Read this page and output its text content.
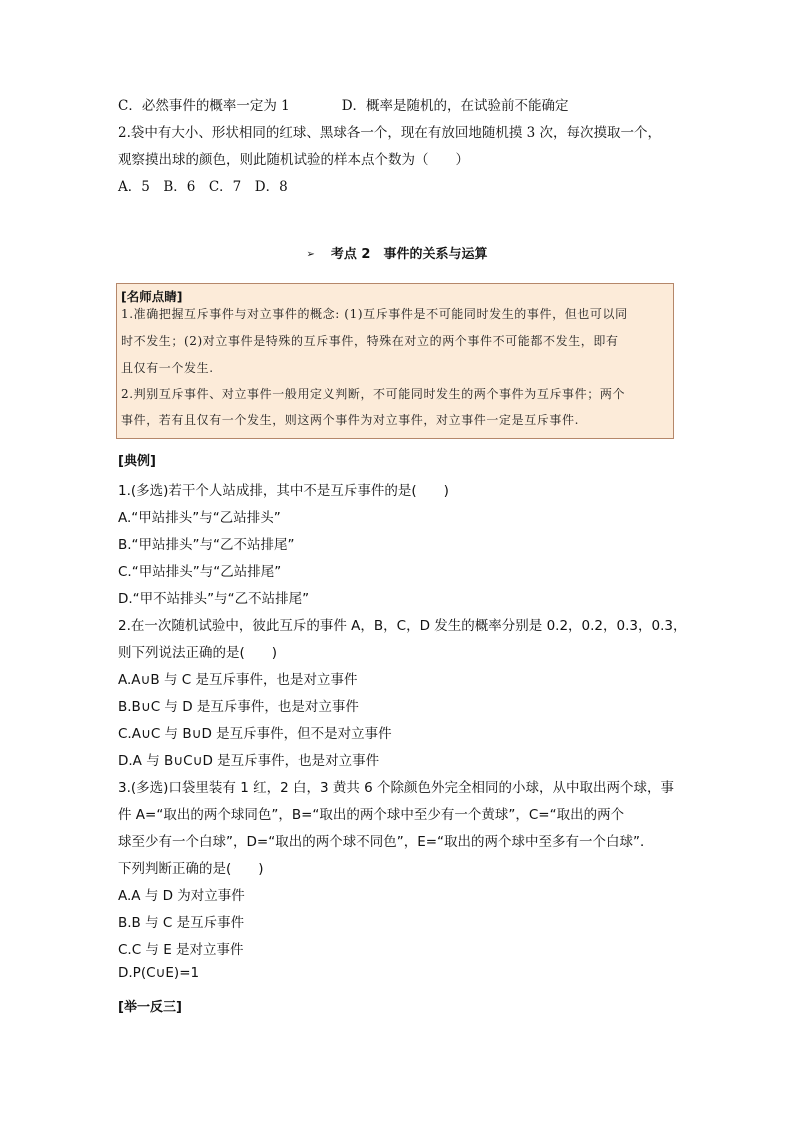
C．必然事件的概率一定为 1	D．概率是随机的，在试验前不能确定
2.袋中有大小、形状相同的红球、黑球各一个，现在有放回地随机摸 3 次，每次摸取一个，
观察摸出球的颜色，则此随机试验的样本点个数为（　　）
A．5　B．6　C．7　D．8
➢ 考点 2　事件的关系与运算
[名师点睛]
1.准确把握互斥事件与对立事件的概念: (1)互斥事件是不可能同时发生的事件，但也可以同
时不发生；(2)对立事件是特殊的互斥事件，特殊在对立的两个事件不可能都不发生，即有
且仅有一个发生.
2.判别互斥事件、对立事件一般用定义判断，不可能同时发生的两个事件为互斥事件；两个
事件，若有且仅有一个发生，则这两个事件为对立事件，对立事件一定是互斥事件.
[典例]
1.(多选)若干个人站成排，其中不是互斥事件的是(　　)
A.“甲站排头”与“乙站排头”
B.“甲站排头”与“乙不站排尾”
C.“甲站排头”与“乙站排尾”
D.“甲不站排头”与“乙不站排尾”
2.在一次随机试验中，彼此互斥的事件 A，B，C，D 发生的概率分别是 0.2，0.2，0.3，0.3，
则下列说法正确的是(　　)
A.A∪B 与 C 是互斥事件，也是对立事件
B.B∪C 与 D 是互斥事件，也是对立事件
C.A∪C 与 B∪D 是互斥事件，但不是对立事件
D.A 与 B∪C∪D 是互斥事件，也是对立事件
3.(多选)口袋里装有 1 红，2 白，3 黄共 6 个除颜色外完全相同的小球，从中取出两个球，事
件 A=“取出的两个球同色”，B=“取出的两个球中至少有一个黄球”，C=“取出的两个
球至少有一个白球”，D=“取出的两个球不同色”，E=“取出的两个球中至多有一个白球”．
下列判断正确的是(　　)
A.A 与 D 为对立事件
B.B 与 C 是互斥事件
C.C 与 E 是对立事件
D.P(C∪E)=1
[举一反三]
